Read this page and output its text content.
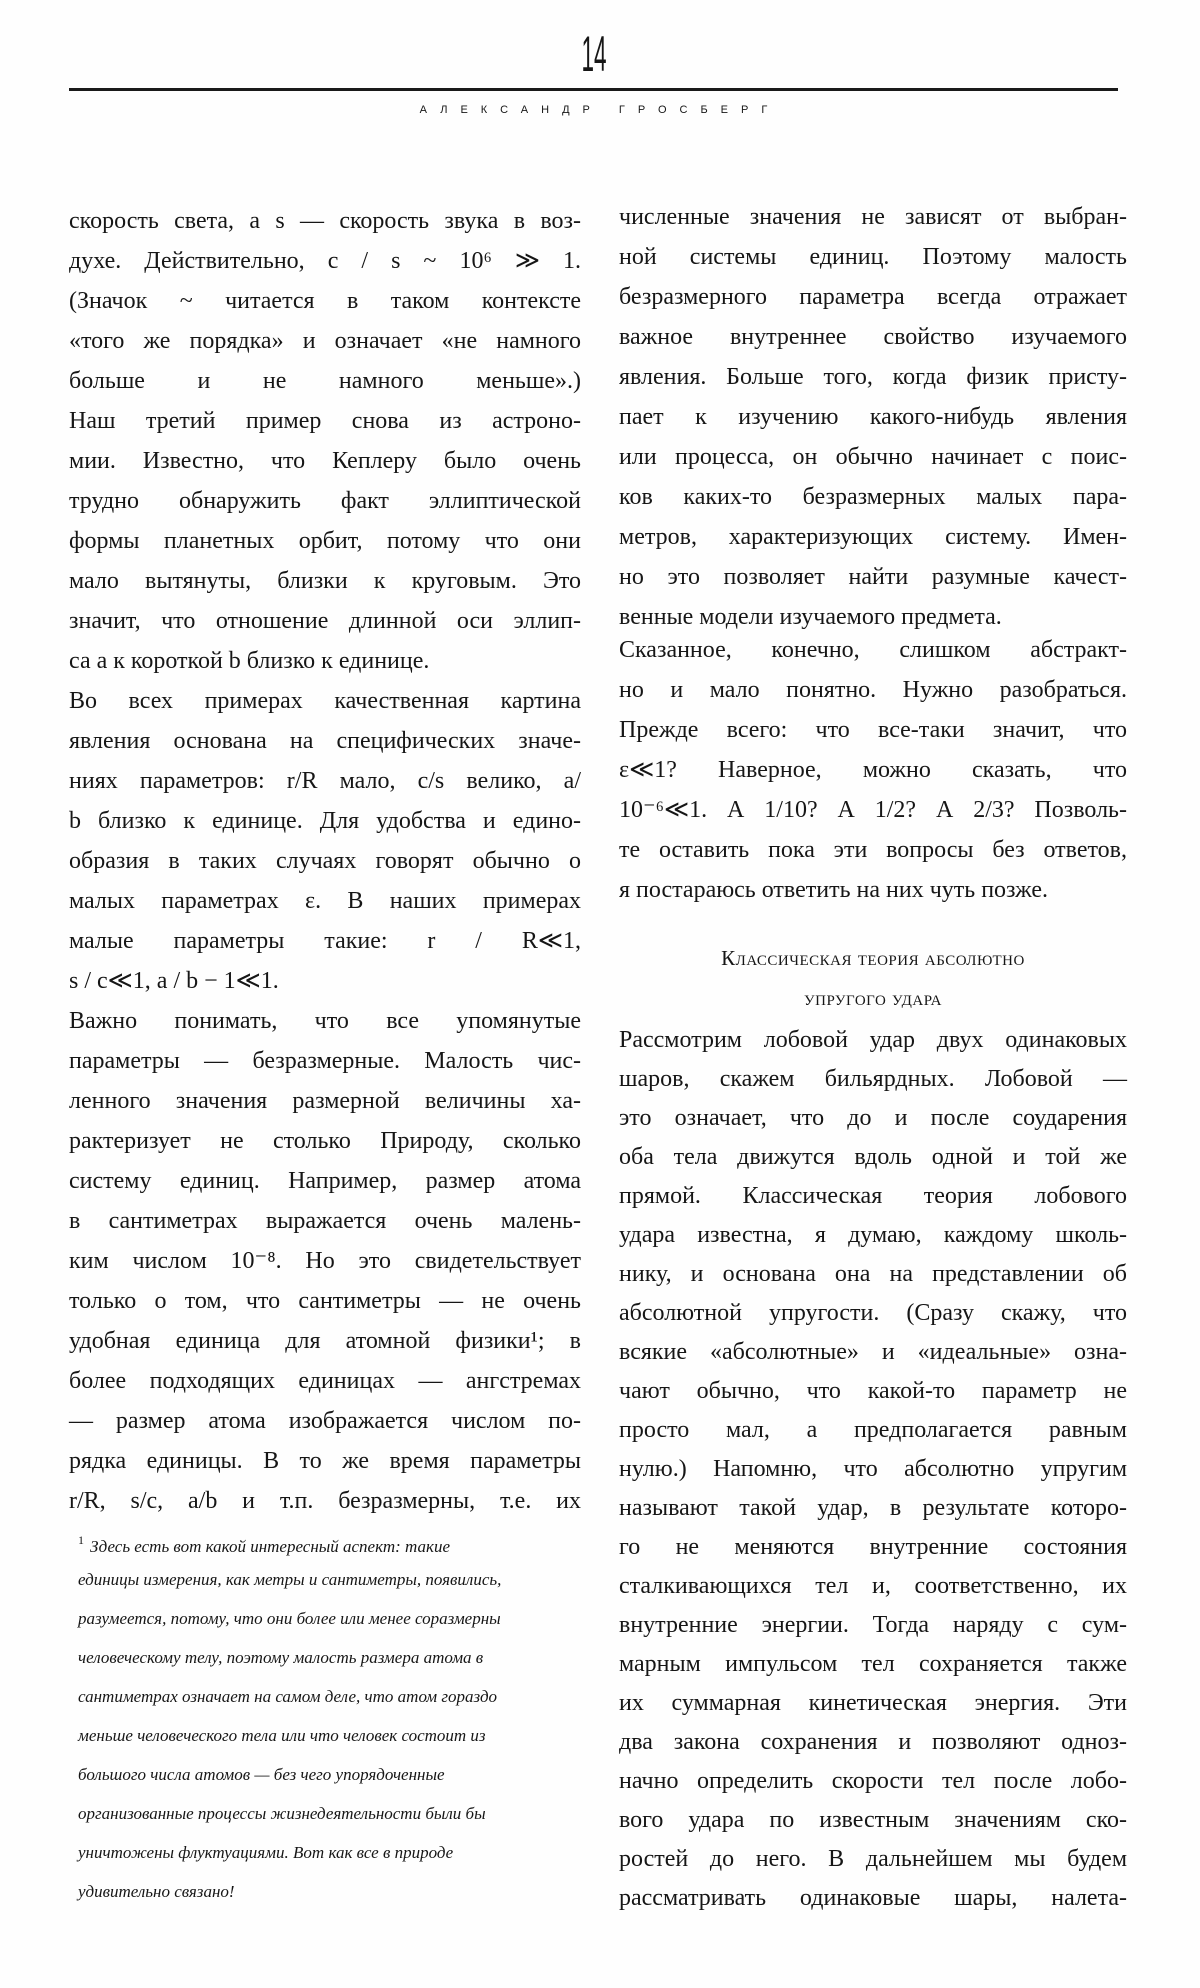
14
АЛЕКСАНДР ГРОСБЕРГ
скорость света, а s — скорость звука в воз-
духе. Действительно, c / s ~ 10⁶ ≫ 1.
(Значок ~ читается в таком контексте
«того же порядка» и означает «не намного
больше и не намного меньше».)
Наш третий пример снова из астроно-
мии. Известно, что Кеплеру было очень
трудно обнаружить факт эллиптической
формы планетных орбит, потому что они
мало вытянуты, близки к круговым. Это
значит, что отношение длинной оси эллип-
са a к короткой b близко к единице.
Во всех примерах качественная картина
явления основана на специфических значе-
ниях параметров: r/R мало, c/s велико, a/
b близко к единице. Для удобства и едино-
образия в таких случаях говорят обычно о
малых параметрах ε. В наших примерах
малые параметры такие: r / R≪1,
s / c≪1, a / b − 1≪1.
Важно понимать, что все упомянутые
параметры — безразмерные. Малость чис-
ленного значения размерной величины ха-
рактеризует не столько Природу, сколько
систему единиц. Например, размер атома
в сантиметрах выражается очень малень-
ким числом 10⁻⁸. Но это свидетельствует
только о том, что сантиметры — не очень
удобная единица для атомной физики¹; в
более подходящих единицах — ангстремах
— размер атома изображается числом по-
рядка единицы. В то же время параметры
r/R, s/c, a/b и т.п. безразмерны, т.е. их
численные значения не зависят от выбран-
ной системы единиц. Поэтому малость
безразмерного параметра всегда отражает
важное внутреннее свойство изучаемого
явления. Больше того, когда физик присту-
пает к изучению какого-нибудь явления
или процесса, он обычно начинает с поис-
ков каких-то безразмерных малых пара-
метров, характеризующих систему. Имен-
но это позволяет найти разумные качест-
венные модели изучаемого предмета.
Сказанное, конечно, слишком абстракт-
но и мало понятно. Нужно разобраться.
Прежде всего: что все-таки значит, что
ε≪1? Наверное, можно сказать, что
10⁻⁶≪1. А 1/10? А 1/2? А 2/3? Позволь-
те оставить пока эти вопросы без ответов,
я постараюсь ответить на них чуть позже.
Классическая теория абсолютно
упругого удара
Рассмотрим лобовой удар двух одинаковых
шаров, скажем бильярдных. Лобовой —
это означает, что до и после соударения
оба тела движутся вдоль одной и той же
прямой. Классическая теория лобового
удара известна, я думаю, каждому школь-
нику, и основана она на представлении об
абсолютной упругости. (Сразу скажу, что
всякие «абсолютные» и «идеальные» озна-
чают обычно, что какой-то параметр не
просто мал, а предполагается равным
нулю.) Напомню, что абсолютно упругим
называют такой удар, в результате которо-
го не меняются внутренние состояния
сталкивающихся тел и, соответственно, их
внутренние энергии. Тогда наряду с сум-
марным импульсом тел сохраняется также
их суммарная кинетическая энергия. Эти
два закона сохранения и позволяют одноз-
начно определить скорости тел после лобо-
вого удара по известным значениям ско-
ростей до него. В дальнейшем мы будем
рассматривать одинаковые шары, налета-
$^1$ Здесь есть вот какой интересный аспект: такие
единицы измерения, как метры и сантиметры, появились,
разумеется, потому, что они более или менее соразмерны
человеческому телу, поэтому малость размера атома в
сантиметрах означает на самом деле, что атом гораздо
меньше человеческого тела или что человек состоит из
большого числа атомов — без чего упорядоченные
организованные процессы жизнедеятельности были бы
уничтожены флуктуациями. Вот как все в природе
удивительно связано!
